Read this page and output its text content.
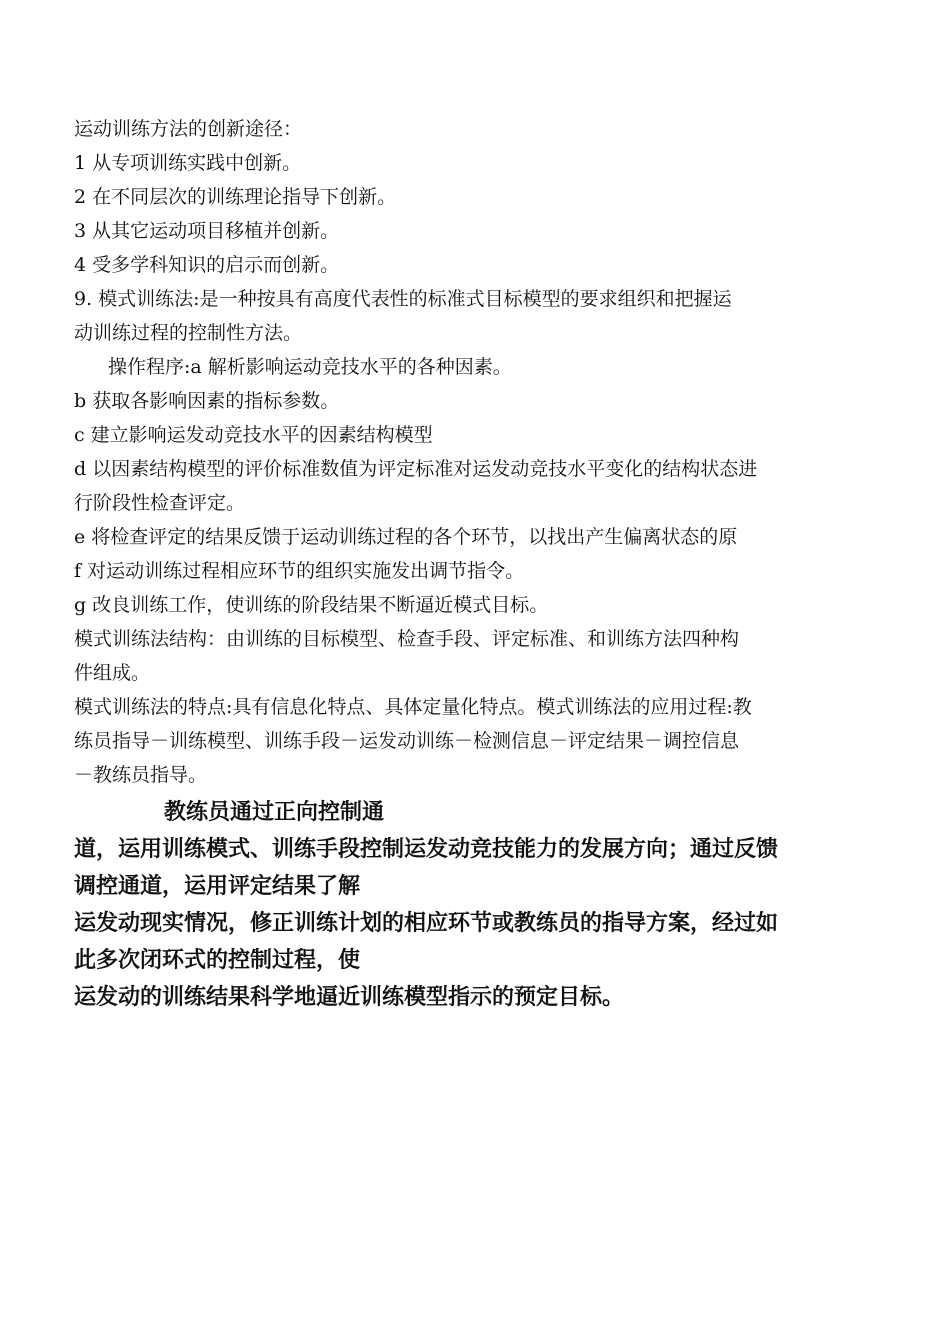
运动训练方法的创新途径：
1 从专项训练实践中创新。
2 在不同层次的训练理论指导下创新。
3 从其它运动项目移植并创新。
4 受多学科知识的启示而创新。
9. 模式训练法:是一种按具有高度代表性的标准式目标模型的要求组织和把握运
动训练过程的控制性方法。
操作程序:a 解析影响运动竞技水平的各种因素。
b 获取各影响因素的指标参数。
c 建立影响运发动竞技水平的因素结构模型
d 以因素结构模型的评价标准数值为评定标准对运发动竞技水平变化的结构状态进
行阶段性检查评定。
e 将检查评定的结果反馈于运动训练过程的各个环节，以找出产生偏离状态的原
f 对运动训练过程相应环节的组织实施发出调节指令。
g 改良训练工作，使训练的阶段结果不断逼近模式目标。
模式训练法结构：由训练的目标模型、检查手段、评定标准、和训练方法四种构
件组成。
模式训练法的特点:具有信息化特点、具体定量化特点。模式训练法的应用过程:教
练员指导－训练模型、训练手段－运发动训练－检测信息－评定结果－调控信息
－教练员指导。
教练员通过正向控制通
道，运用训练模式、训练手段控制运发动竞技能力的发展方向；通过反馈
调控通道，运用评定结果了解
运发动现实情况，修正训练计划的相应环节或教练员的指导方案，经过如
此多次闭环式的控制过程，使
运发动的训练结果科学地逼近训练模型指示的预定目标。
